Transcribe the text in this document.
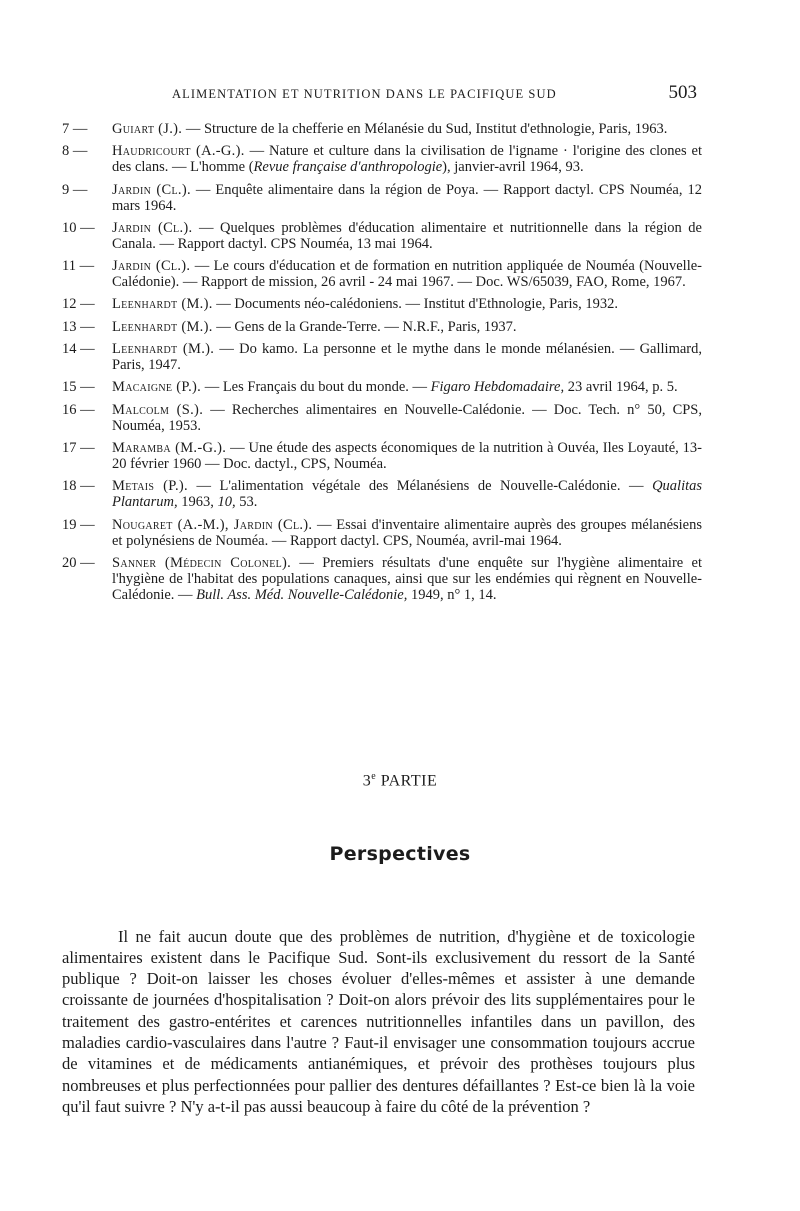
ALIMENTATION ET NUTRITION DANS LE PACIFIQUE SUD	503
7 —	Guiart (J.). — Structure de la chefferie en Mélanésie du Sud, Institut d'ethnologie, Paris, 1963.
8 —	Haudricourt (A.-G.). — Nature et culture dans la civilisation de l'igname · l'origine des clones et des clans. — L'homme (Revue française d'anthropologie), janvier-avril 1964, 93.
9 —	Jardin (Cl.). — Enquête alimentaire dans la région de Poya. — Rapport dactyl. CPS Nouméa, 12 mars 1964.
10 —	Jardin (Cl.). — Quelques problèmes d'éducation alimentaire et nutritionnelle dans la région de Canala. — Rapport dactyl. CPS Nouméa, 13 mai 1964.
11 —	Jardin (Cl.). — Le cours d'éducation et de formation en nutrition appliquée de Nouméa (Nouvelle-Calédonie). — Rapport de mission, 26 avril - 24 mai 1967. — Doc. WS/65039, FAO, Rome, 1967.
12 —	Leenhardt (M.). — Documents néo-calédoniens. — Institut d'Ethnologie, Paris, 1932.
13 —	Leenhardt (M.). — Gens de la Grande-Terre. — N.R.F., Paris, 1937.
14 —	Leenhardt (M.). — Do kamo. La personne et le mythe dans le monde mélanésien. — Gallimard, Paris, 1947.
15 —	Macaigne (P.). — Les Français du bout du monde. — Figaro Hebdomadaire, 23 avril 1964, p. 5.
16 —	Malcolm (S.). — Recherches alimentaires en Nouvelle-Calédonie. — Doc. Tech. n° 50, CPS, Nouméa, 1953.
17 —	Maramba (M.-G.). — Une étude des aspects économiques de la nutrition à Ouvéa, Iles Loyauté, 13-20 février 1960 — Doc. dactyl., CPS, Nouméa.
18 —	Metais (P.). — L'alimentation végétale des Mélanésiens de Nouvelle-Calédonie. — Qualitas Plantarum, 1963, 10, 53.
19 —	Nougaret (A.-M.), Jardin (Cl.). — Essai d'inventaire alimentaire auprès des groupes mélanésiens et polynésiens de Nouméa. — Rapport dactyl. CPS, Nouméa, avril-mai 1964.
20 —	Sanner (Médecin Colonel). — Premiers résultats d'une enquête sur l'hygiène alimentaire et l'hygiène de l'habitat des populations canaques, ainsi que sur les endémies qui règnent en Nouvelle-Calédonie. — Bull. Ass. Méd. Nouvelle-Calédonie, 1949, n° 1, 14.
3e PARTIE
Perspectives

Il ne fait aucun doute que des problèmes de nutrition, d'hygiène et de toxicologie alimentaires existent dans le Pacifique Sud. Sont-ils exclusivement du ressort de la Santé publique ? Doit-on laisser les choses évoluer d'elles-mêmes et assister à une demande croissante de journées d'hospitalisation ? Doit-on alors prévoir des lits supplémentaires pour le traitement des gastro-entérites et carences nutritionnelles infantiles dans un pavillon, des maladies cardio-vasculaires dans l'autre ? Faut-il envisager une consommation toujours accrue de vitamines et de médicaments antianémiques, et prévoir des prothèses toujours plus nombreuses et plus perfectionnées pour pallier des dentures défaillantes ? Est-ce bien là la voie qu'il faut suivre ? N'y a-t-il pas aussi beaucoup à faire du côté de la prévention ?
